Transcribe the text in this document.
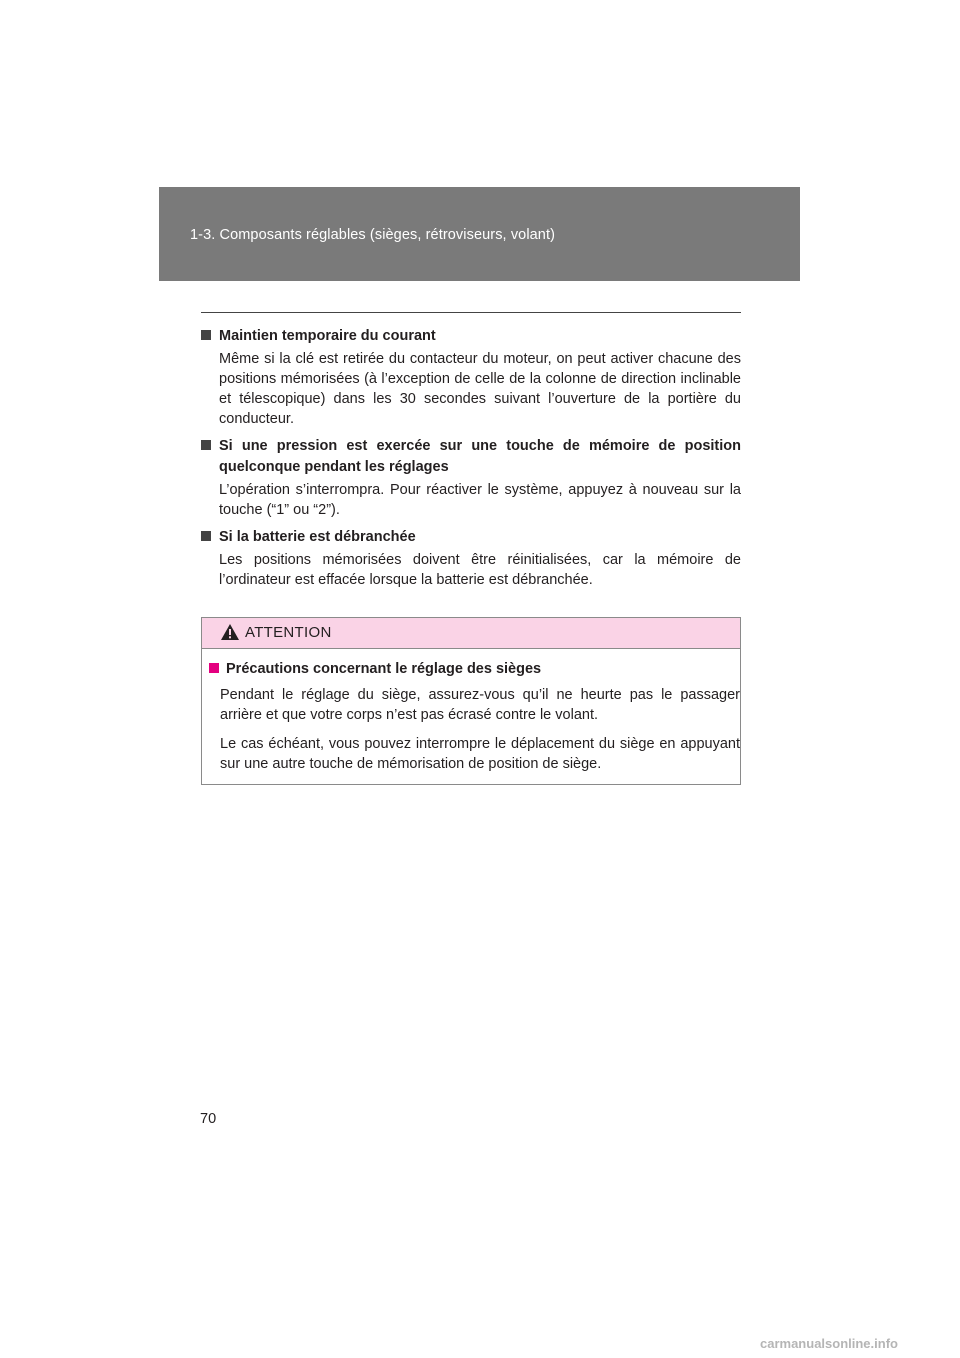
1-3. Composants réglables (sièges, rétroviseurs, volant)
Maintien temporaire du courant
Même si la clé est retirée du contacteur du moteur, on peut activer chacune des positions mémorisées (à l’exception de celle de la colonne de direction inclinable et télescopique) dans les 30 secondes suivant l’ouverture de la portière du conducteur.
Si une pression est exercée sur une touche de mémoire de position quelconque pendant les réglages
L’opération s’interrompra. Pour réactiver le système, appuyez à nouveau sur la touche (“1” ou “2”).
Si la batterie est débranchée
Les positions mémorisées doivent être réinitialisées, car la mémoire de l’ordinateur est effacée lorsque la batterie est débranchée.
ATTENTION
Précautions concernant le réglage des sièges
Pendant le réglage du siège, assurez-vous qu’il ne heurte pas le passager arrière et que votre corps n’est pas écrasé contre le volant.
Le cas échéant, vous pouvez interrompre le déplacement du siège en appuyant sur une autre touche de mémorisation de position de siège.
70
carmanualsonline.info
